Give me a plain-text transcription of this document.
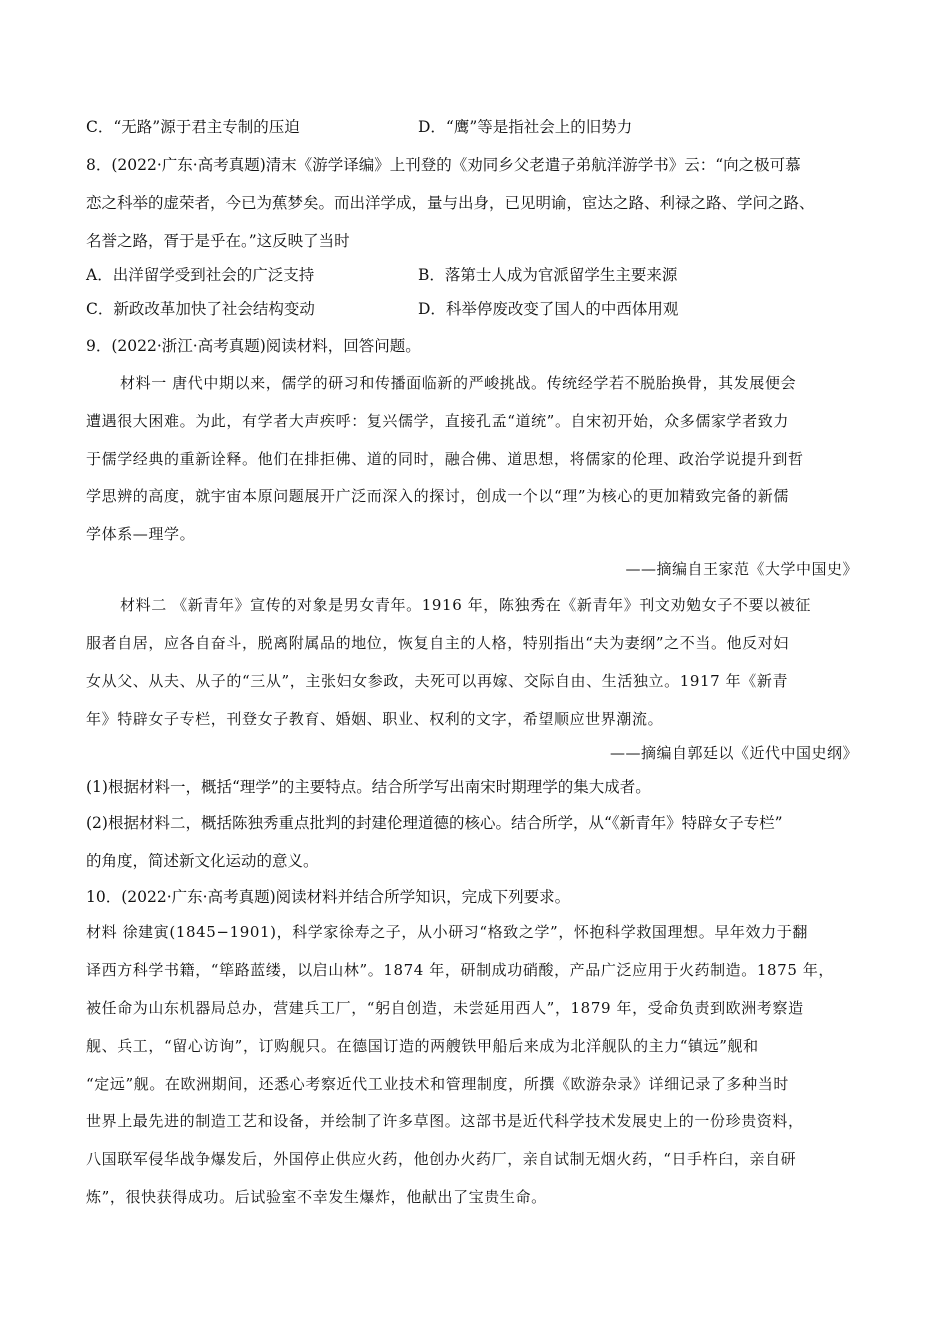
C．“无路”源于君主专制的压迫	D．“鹰”等是指社会上的旧势力
8．(2022·广东·高考真题)清末《游学译编》上刊登的《劝同乡父老遣子弟航洋游学书》云：“向之极可慕
恋之科举的虚荣者，今已为蕉梦矣。而出洋学成，量与出身，已见明谕，宦达之路、利禄之路、学问之路、
名誉之路，胥于是乎在。”这反映了当时
A．出洋留学受到社会的广泛支持	B．落第士人成为官派留学生主要来源
C．新政改革加快了社会结构变动	D．科举停废改变了国人的中西体用观
9．(2022·浙江·高考真题)阅读材料，回答问题。
材料一 唐代中期以来，儒学的研习和传播面临新的严峻挑战。传统经学若不脱胎换骨，其发展便会
遭遇很大困难。为此，有学者大声疾呼：复兴儒学，直接孔孟“道统”。自宋初开始，众多儒家学者致力
于儒学经典的重新诠释。他们在排拒佛、道的同时，融合佛、道思想，将儒家的伦理、政治学说提升到哲
学思辨的高度，就宇宙本原问题展开广泛而深入的探讨，创成一个以“理”为核心的更加精致完备的新儒
学体系—理学。
——摘编自王家范《大学中国史》
材料二 《新青年》宣传的对象是男女青年。1916 年，陈独秀在《新青年》刊文劝勉女子不要以被征
服者自居，应各自奋斗，脱离附属品的地位，恢复自主的人格，特别指出“夫为妻纲”之不当。他反对妇
女从父、从夫、从子的“三从”，主张妇女参政，夫死可以再嫁、交际自由、生活独立。1917 年《新青
年》特辟女子专栏，刊登女子教育、婚姻、职业、权利的文字，希望顺应世界潮流。
——摘编自郭廷以《近代中国史纲》
(1)根据材料一，概括“理学”的主要特点。结合所学写出南宋时期理学的集大成者。
(2)根据材料二，概括陈独秀重点批判的封建伦理道德的核心。结合所学，从“《新青年》特辟女子专栏”
的角度，简述新文化运动的意义。
10．(2022·广东·高考真题)阅读材料并结合所学知识，完成下列要求。
材料 徐建寅(1845−1901)，科学家徐寿之子，从小研习“格致之学”，怀抱科学救国理想。早年效力于翻
译西方科学书籍，“筚路蓝缕，以启山林”。1874 年，研制成功硝酸，产品广泛应用于火药制造。1875 年，
被任命为山东机器局总办，营建兵工厂，“躬自创造，未尝延用西人”，1879 年，受命负责到欧洲考察造
舰、兵工，“留心访询”，订购舰只。在德国订造的两艘铁甲船后来成为北洋舰队的主力“镇远”舰和
“定远”舰。在欧洲期间，还悉心考察近代工业技术和管理制度，所撰《欧游杂录》详细记录了多种当时
世界上最先进的制造工艺和设备，并绘制了许多草图。这部书是近代科学技术发展史上的一份珍贵资料，
八国联军侵华战争爆发后，外国停止供应火药，他创办火药厂，亲自试制无烟火药，“日手杵臼，亲自研
炼”，很快获得成功。后试验室不幸发生爆炸，他献出了宝贵生命。
